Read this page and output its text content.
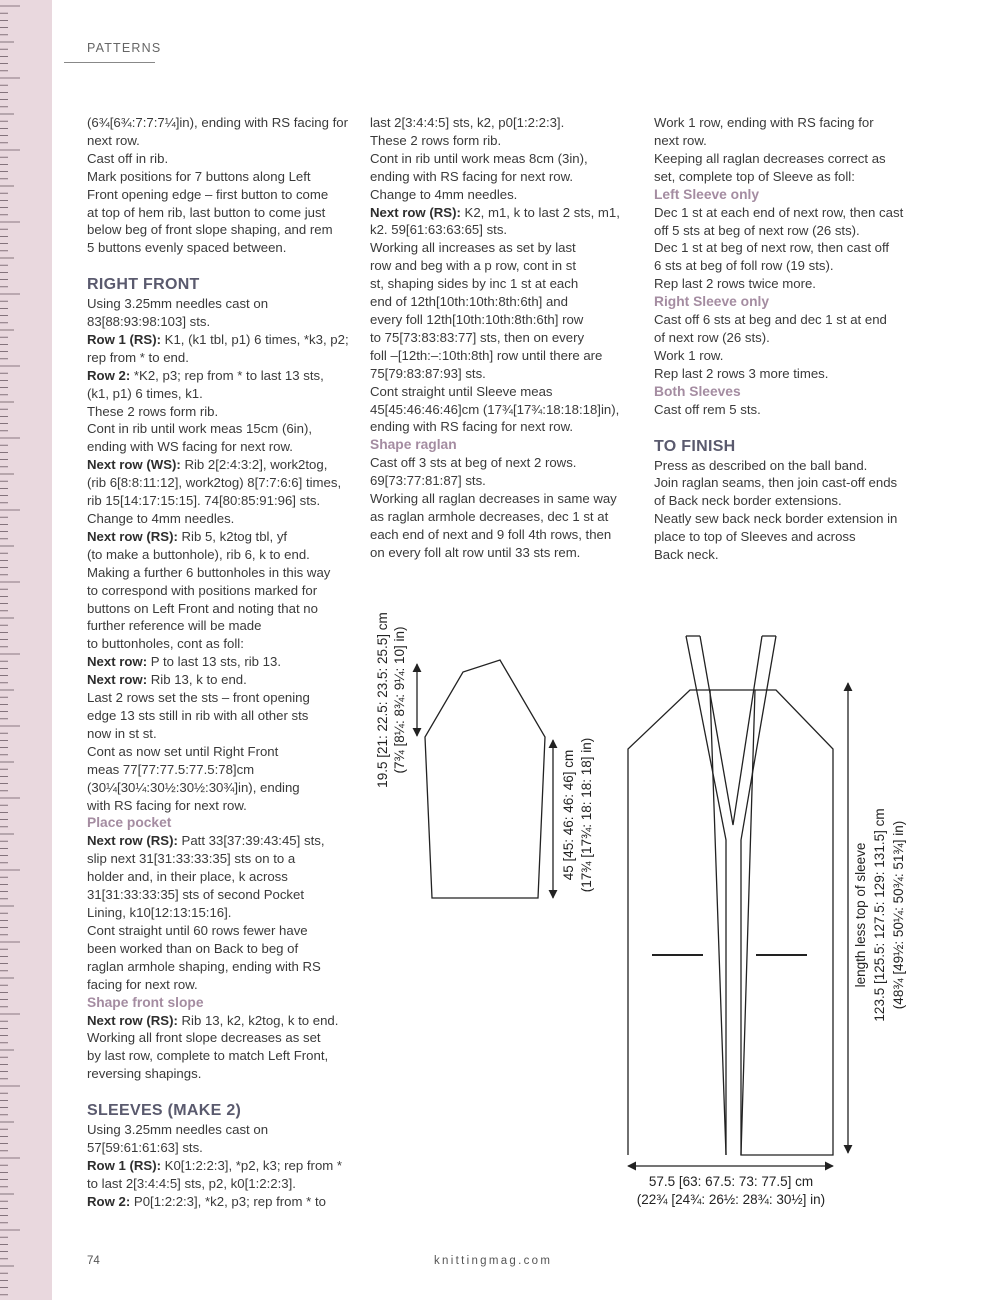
PATTERNS

(6¾[6¾:7:7:7¼]in), ending with RS facing for

next row.

Cast off in rib.

Mark positions for 7 buttons along Left

Front opening edge – first button to come

at top of hem rib, last button to come just

below beg of front slope shaping, and rem

5 buttons evenly spaced between.

RIGHT FRONT

Using 3.25mm needles cast on

83[88:93:98:103] sts.

Row 1 (RS): K1, (k1 tbl, p1) 6 times, *k3, p2;

rep from * to end.

Row 2: *K2, p3; rep from * to last 13 sts,

(k1, p1) 6 times, k1.

These 2 rows form rib.

Cont in rib until work meas 15cm (6in),

ending with WS facing for next row.

Next row (WS): Rib 2[2:4:3:2], work2tog,

(rib 6[8:8:11:12], work2tog) 8[7:7:6:6] times,

rib 15[14:17:15:15]. 74[80:85:91:96] sts.

Change to 4mm needles.

Next row (RS): Rib 5, k2tog tbl, yf

(to make a buttonhole), rib 6, k to end.

Making a further 6 buttonholes in this way

to correspond with positions marked for

buttons on Left Front and noting that no

further reference will be made

to buttonholes, cont as foll:

Next row: P to last 13 sts, rib 13.

Next row: Rib 13, k to end.

Last 2 rows set the sts – front opening

edge 13 sts still in rib with all other sts

now in st st.

Cont as now set until Right Front

meas 77[77:77.5:77.5:78]cm

(30¼[30¼:30½:30½:30¾]in), ending

with RS facing for next row.

Place pocket

Next row (RS): Patt 33[37:39:43:45] sts,

slip next 31[31:33:33:35] sts on to a

holder and, in their place, k across

31[31:33:33:35] sts of second Pocket

Lining, k10[12:13:15:16].

Cont straight until 60 rows fewer have

been worked than on Back to beg of

raglan armhole shaping, ending with RS

facing for next row.

Shape front slope

Next row (RS): Rib 13, k2, k2tog, k to end.

Working all front slope decreases as set

by last row, complete to match Left Front,

reversing shapings.

SLEEVES (MAKE 2)

Using 3.25mm needles cast on

57[59:61:61:63] sts.

Row 1 (RS): K0[1:2:2:3], *p2, k3; rep from *

to last 2[3:4:4:5] sts, p2, k0[1:2:2:3].

Row 2: P0[1:2:2:3], *k2, p3; rep from * to

last 2[3:4:4:5] sts, k2, p0[1:2:2:3].

These 2 rows form rib.

Cont in rib until work meas 8cm (3in),

ending with RS facing for next row.

Change to 4mm needles.

Next row (RS): K2, m1, k to last 2 sts, m1,

k2. 59[61:63:63:65] sts.

Working all increases as set by last

row and beg with a p row, cont in st

st, shaping sides by inc 1 st at each

end of 12th[10th:10th:8th:6th] and

every foll 12th[10th:10th:8th:6th] row

to 75[73:83:83:77] sts, then on every

foll –[12th:–:10th:8th] row until there are

75[79:83:87:93] sts.

Cont straight until Sleeve meas

45[45:46:46:46]cm (17¾[17¾:18:18:18]in),

ending with RS facing for next row.

Shape raglan

Cast off 3 sts at beg of next 2 rows.

69[73:77:81:87] sts.

Working all raglan decreases in same way

as raglan armhole decreases, dec 1 st at

each end of next and 9 foll 4th rows, then

on every foll alt row until 33 sts rem.

Work 1 row, ending with RS facing for

next row.

Keeping all raglan decreases correct as

set, complete top of Sleeve as foll:

Left Sleeve only

Dec 1 st at each end of next row, then cast

off 5 sts at beg of next row (26 sts).

Dec 1 st at beg of next row, then cast off

6 sts at beg of foll row (19 sts).

Rep last 2 rows twice more.

Right Sleeve only

Cast off 6 sts at beg and dec 1 st at end

of next row (26 sts).

Work 1 row.

Rep last 2 rows 3 more times.

Both Sleeves

Cast off rem 5 sts.

TO FINISH

Press as described on the ball band.

Join raglan seams, then join cast-off ends

of Back neck border extensions.

Neatly sew back neck border extension in

place to top of Sleeves and across

Back neck.

19.5 [21: 22.5: 23.5: 25.5] cm (7¾ [8¼: 8¾: 9¼: 10] in)
45 [45: 46: 46: 46] cm (17¾ [17¾: 18: 18: 18] in)
length less top of sleeve 123.5 [125.5: 127.5: 129: 131.5] cm (48¾ [49½: 50¼: 50¾: 51¾] in)
57.5 [63: 67.5: 73: 77.5] cm
(22¾ [24¾: 26½: 28¾: 30½] in)
74	knittingmag.com
